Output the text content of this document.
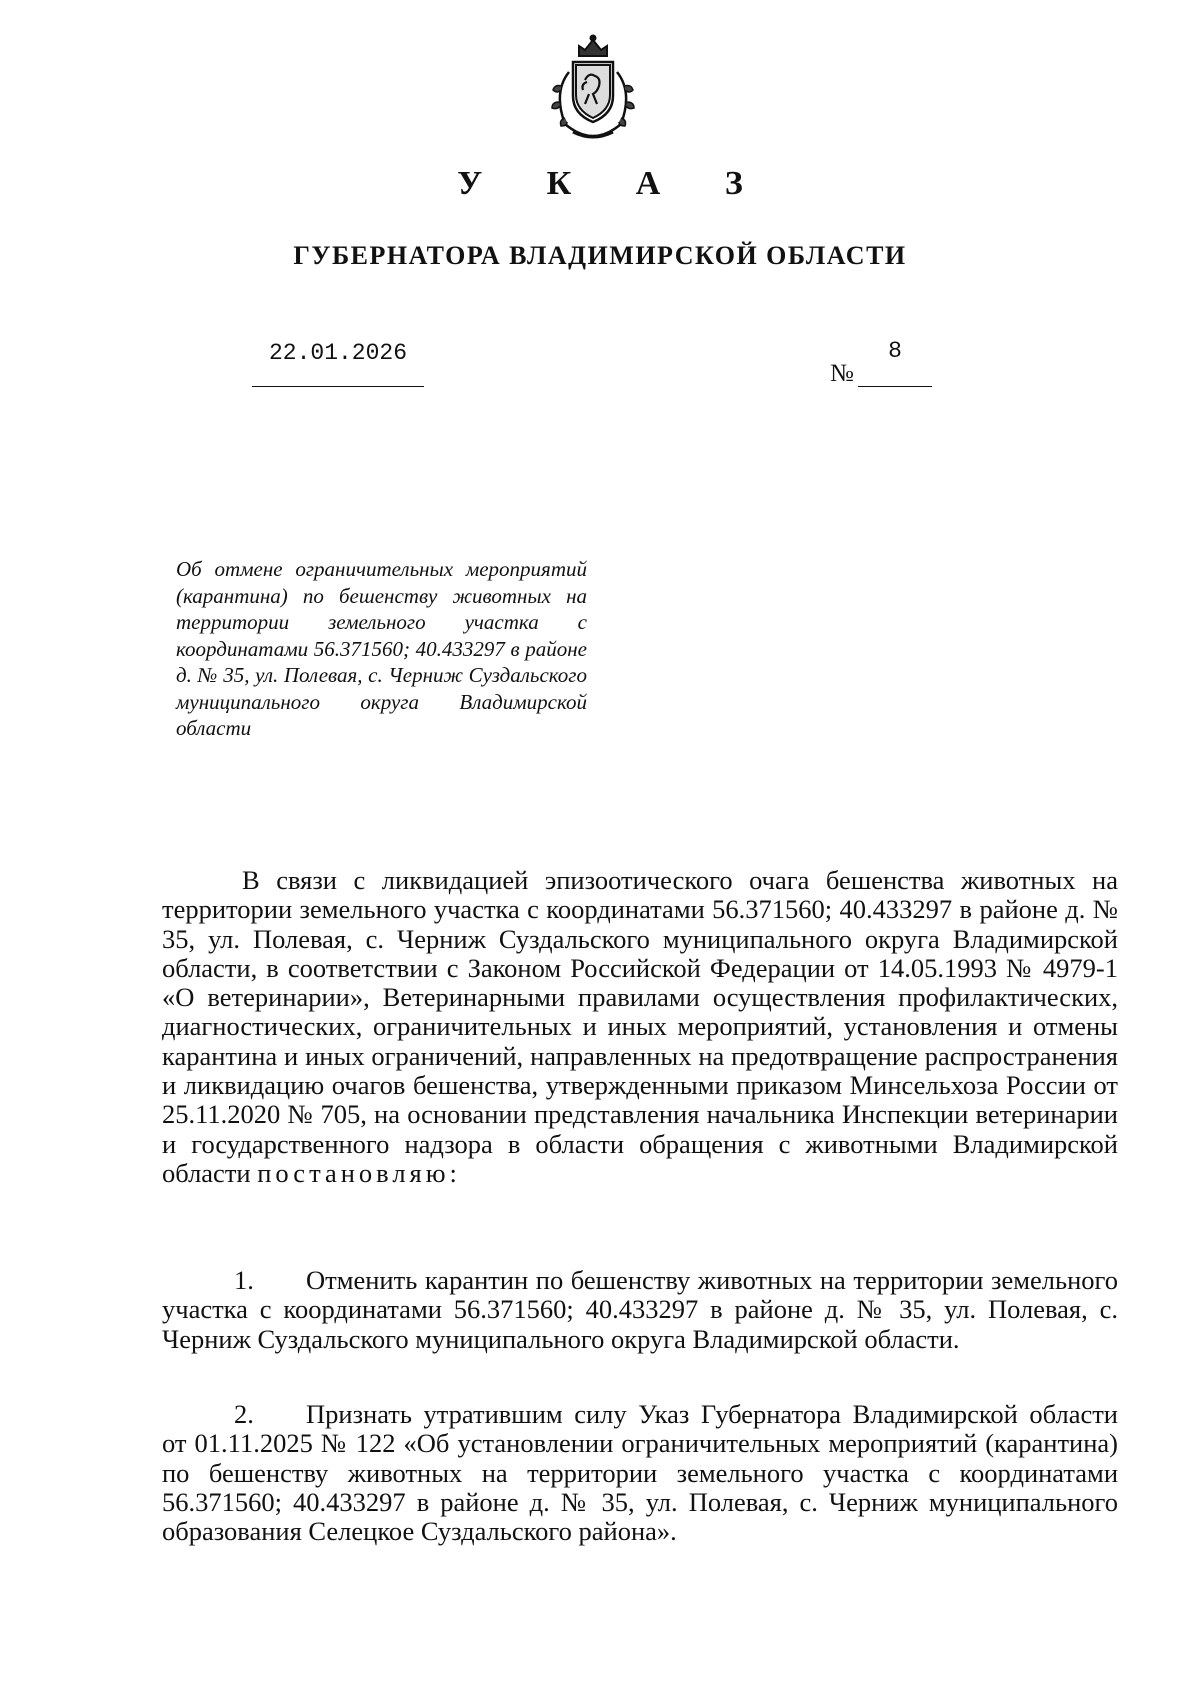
У К А З
ГУБЕРНАТОРА ВЛАДИМИРСКОЙ ОБЛАСТИ
22.01.2026
№
8
Об отмене ограничительных мероприятий (карантина) по бешенству животных на территории земельного участка с координатами 56.371560; 40.433297 в районе д. № 35, ул. Полевая, с. Черниж Суздальского муниципального округа Владимирской области
В связи с ликвидацией эпизоотического очага бешенства животных на территории земельного участка с координатами 56.371560; 40.433297 в районе д. № 35, ул. Полевая, с. Черниж Суздальского муниципального округа Владимирской области, в соответствии с Законом Российской Федерации от 14.05.1993 № 4979-1 «О ветеринарии», Ветеринарными правилами осуществления профилактических, диагностических, ограничительных и иных мероприятий, установления и отмены карантина и иных ограничений, направленных на предотвращение распространения и ликвидацию очагов бешенства, утвержденными приказом Минсельхоза России от 25.11.2020 № 705, на основании представления начальника Инспекции ветеринарии и государственного надзора в области обращения с животными Владимирской области постановляю:
1. Отменить карантин по бешенству животных на территории земельного участка с координатами 56.371560; 40.433297 в районе д. № 35, ул. Полевая, с. Черниж Суздальского муниципального округа Владимирской области.
2. Признать утратившим силу Указ Губернатора Владимирской области от 01.11.2025 № 122 «Об установлении ограничительных мероприятий (карантина) по бешенству животных на территории земельного участка с координатами 56.371560; 40.433297 в районе д. № 35, ул. Полевая, с. Черниж муниципального образования Селецкое Суздальского района».
